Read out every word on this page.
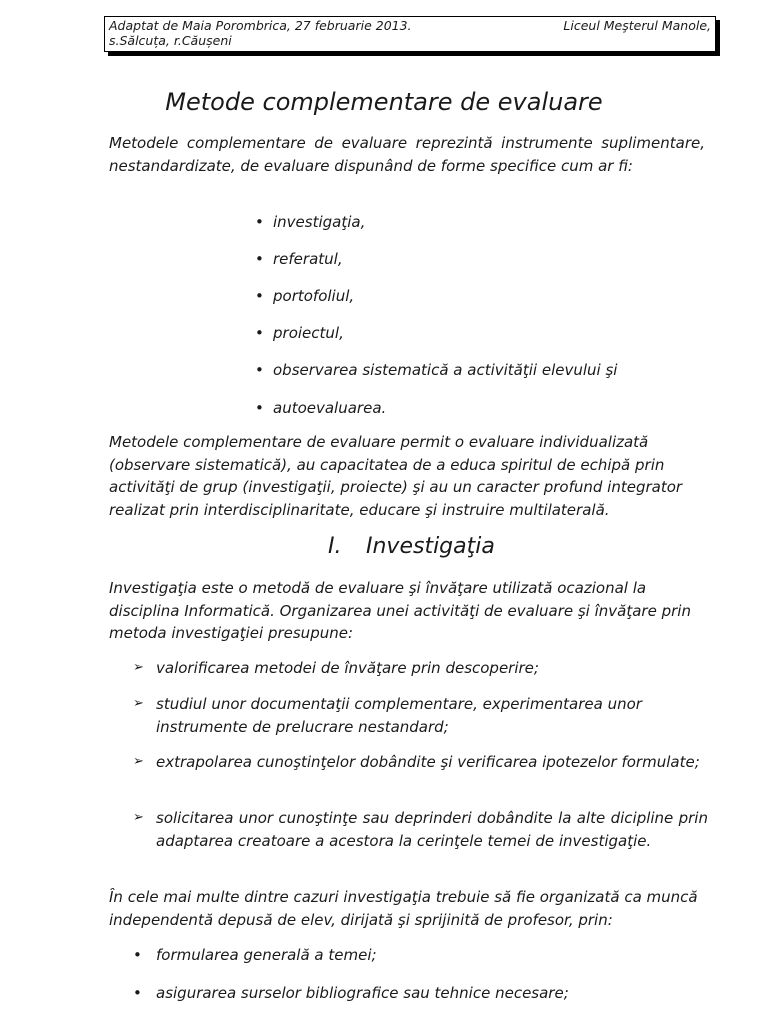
Adaptat de Maia Porombrica, 27 februarie 2013.	Liceul Meşterul Manole,
s.Sălcuța, r.Căușeni
Metode complementare de evaluare

Metodele complementare de evaluare reprezintă instrumente suplimentare, nestandardizate, de evaluare dispunând de forme specifice cum ar fi:

• investigaţia,
• referatul,
• portofoliul,
• proiectul,
• observarea sistematică a activităţii elevului şi
• autoevaluarea.

Metodele complementare de evaluare permit o evaluare individualizată (observare sistematică), au capacitatea de a educa spiritul de echipă prin activităţi de grup (investigaţii, proiecte) şi au un caracter profund integrator realizat prin interdisciplinaritate, educare şi instruire multilaterală.

I. Investigaţia

Investigaţia este o metodă de evaluare şi învăţare utilizată ocazional la disciplina Informatică. Organizarea unei activităţi de evaluare şi învăţare prin metoda investigaţiei presupune:

➢ valorificarea metodei de învăţare prin descoperire;
➢ studiul unor documentaţii complementare, experimentarea unor instrumente de prelucrare nestandard;
➢ extrapolarea cunoştinţelor dobândite şi verificarea ipotezelor formulate;
➢ solicitarea unor cunoştinţe sau deprinderi dobândite la alte dicipline prin adaptarea creatoare a acestora la cerinţele temei de investigaţie.

În cele mai multe dintre cazuri investigaţia trebuie să fie organizată ca muncă independentă depusă de elev, dirijată şi sprijinită de profesor, prin:

• formularea generală a temei;
• asigurarea surselor bibliografice sau tehnice necesare;
